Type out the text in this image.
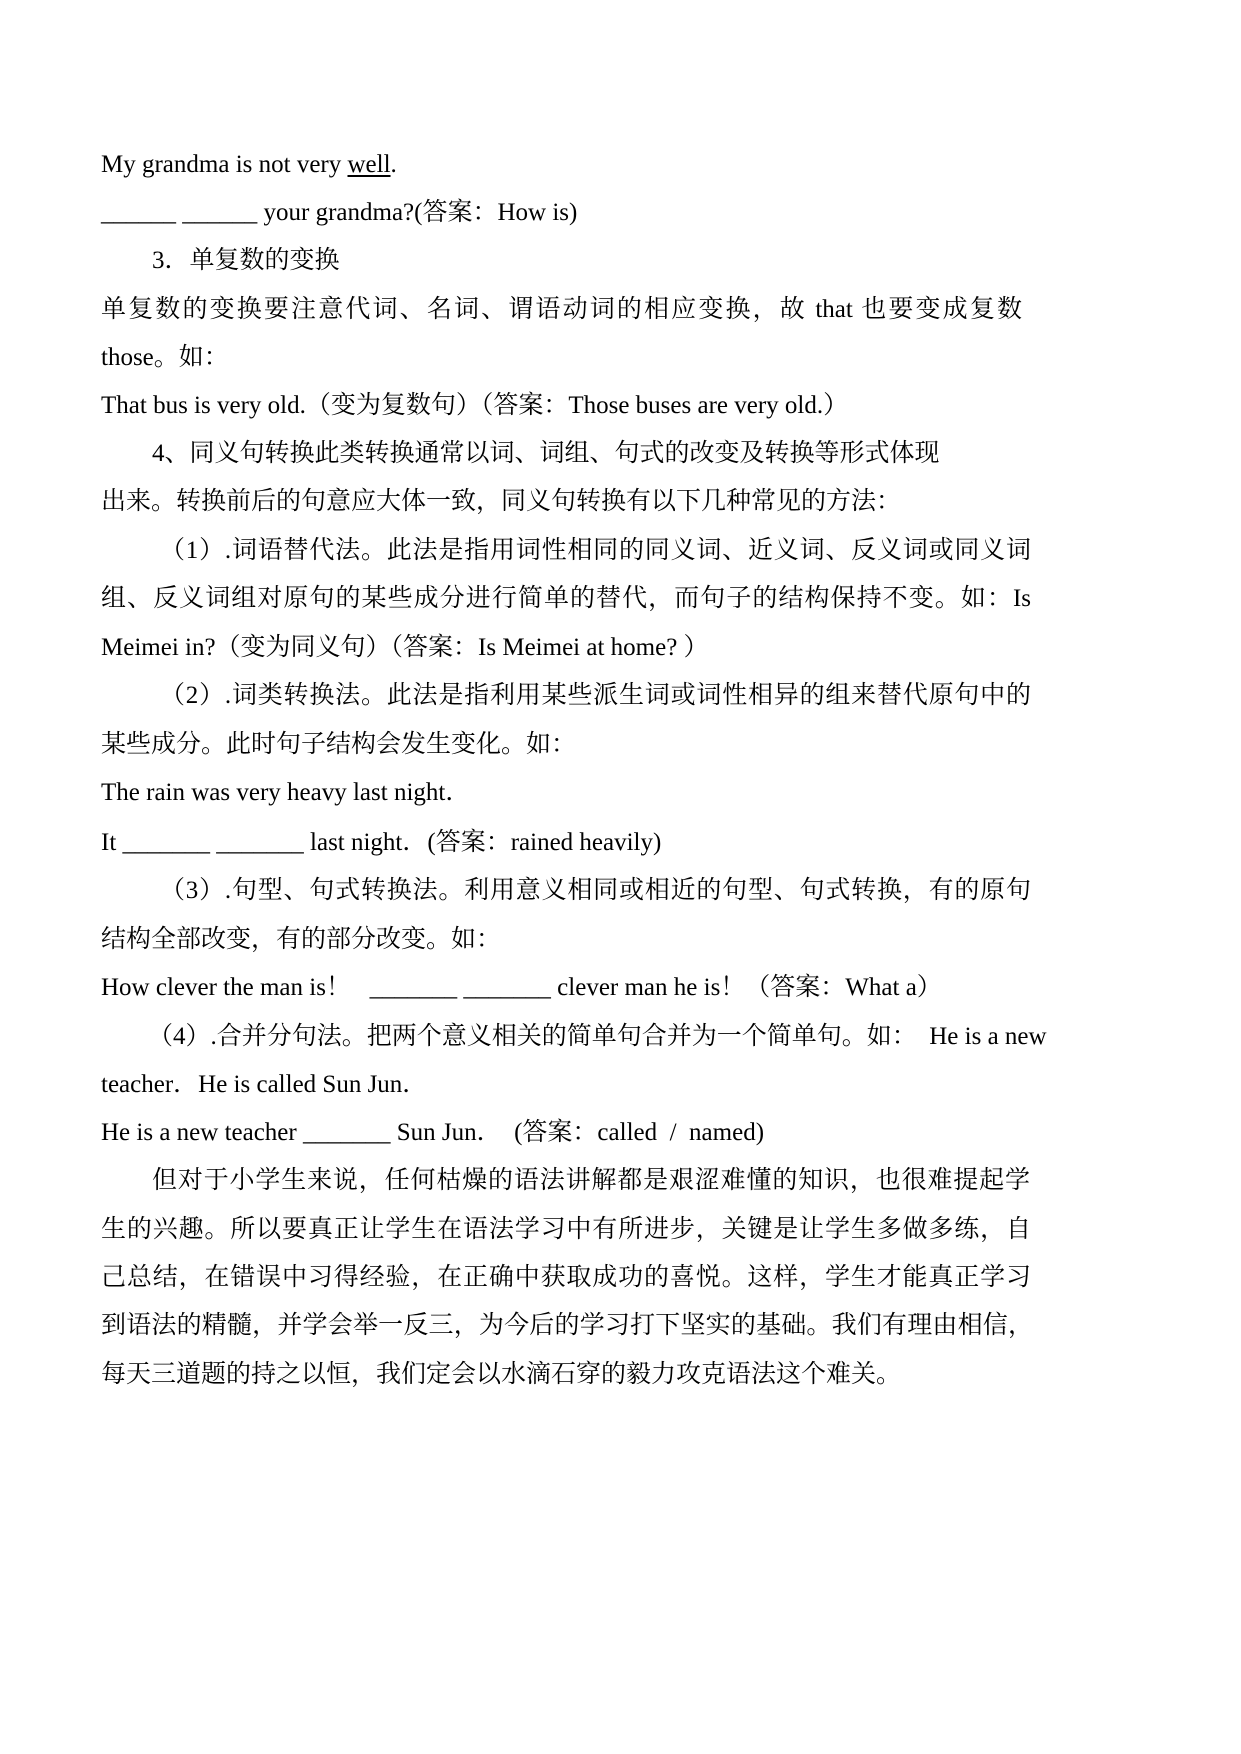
My grandma is not very well.
______ ______ your grandma?(答案：How is)
3．单复数的变换
单复数的变换要注意代词、名词、谓语动词的相应变换，故 that 也要变成复数
those。如：
That bus is very old.（变为复数句）（答案：Those buses are very old.）
4、同义句转换此类转换通常以词、词组、句式的改变及转换等形式体现
出来。转换前后的句意应大体一致，同义句转换有以下几种常见的方法：
（1）.词语替代法。此法是指用词性相同的同义词、近义词、反义词或同义词
组、反义词组对原句的某些成分进行简单的替代，而句子的结构保持不变。如：Is
Meimei in?（变为同义句）（答案：Is Meimei at home? ）
（2）.词类转换法。此法是指利用某些派生词或词性相异的组来替代原句中的
某些成分。此时句子结构会发生变化。如：
The rain was very heavy last night．
It _______ _______ last night．(答案：rained heavily)
（3）.句型、句式转换法。利用意义相同或相近的句型、句式转换，有的原句
结构全部改变，有的部分改变。如：
How clever the man is！   _______ _______ clever man he is！（答案：What a）
（4）.合并分句法。把两个意义相关的简单句合并为一个简单句。如：  He is a new
teacher．He is called Sun Jun．
He is a new teacher _______ Sun Jun．  (答案：called  /  named)
但对于小学生来说，任何枯燥的语法讲解都是艰涩难懂的知识，也很难提起学
生的兴趣。所以要真正让学生在语法学习中有所进步，关键是让学生多做多练，自
己总结，在错误中习得经验，在正确中获取成功的喜悦。这样，学生才能真正学习
到语法的精髓，并学会举一反三，为今后的学习打下坚实的基础。我们有理由相信，
每天三道题的持之以恒，我们定会以水滴石穿的毅力攻克语法这个难关。
